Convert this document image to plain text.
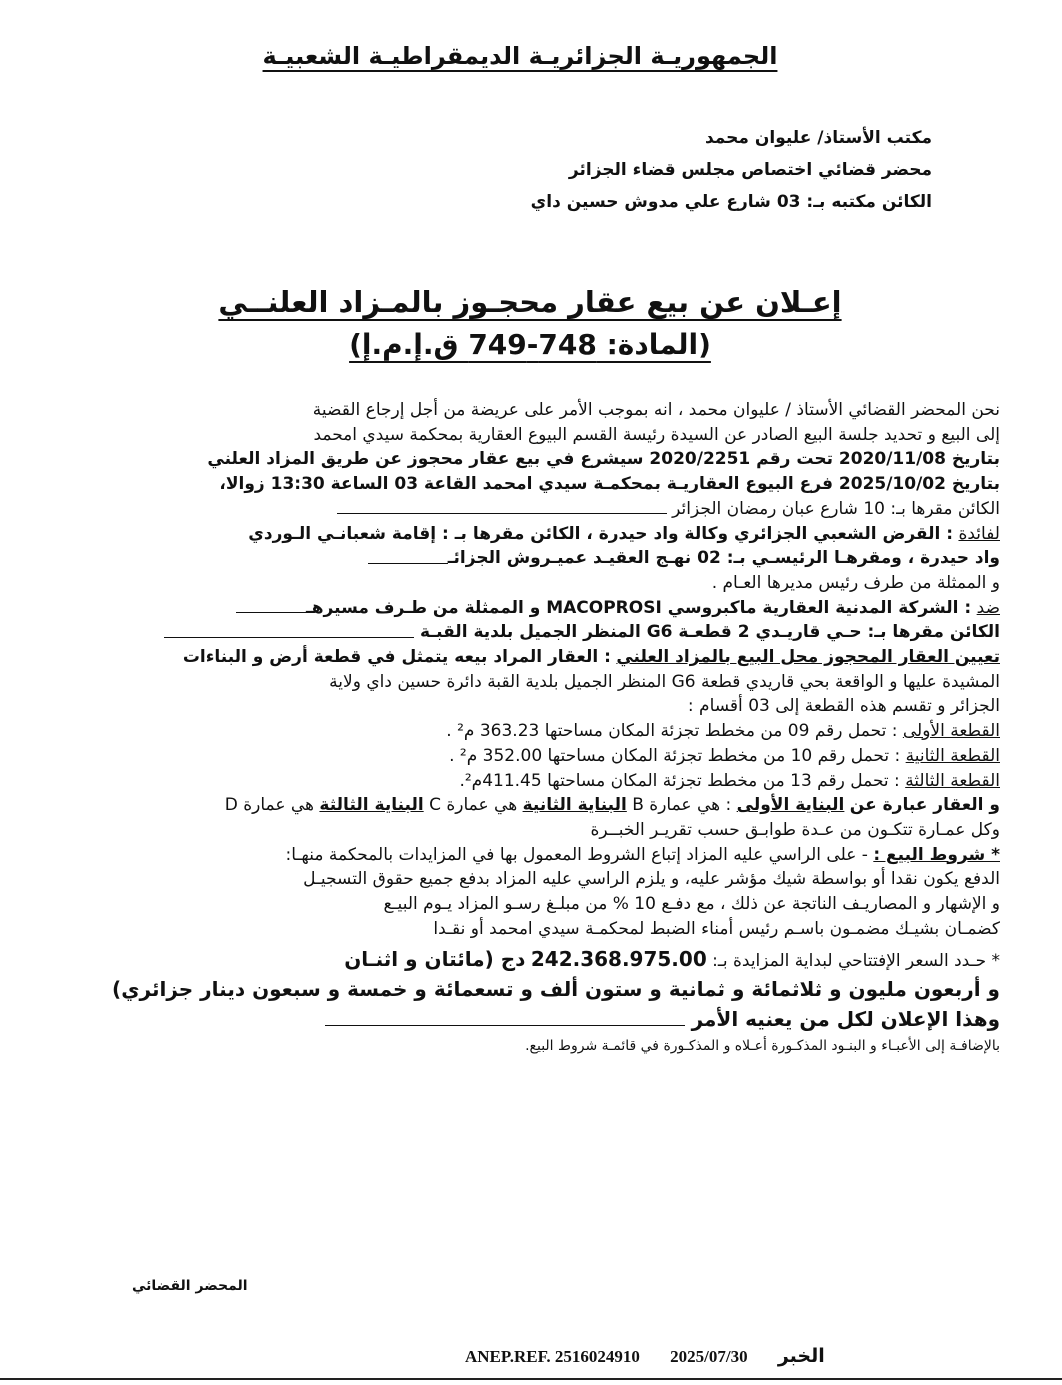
الجمهوريـة الجزائريـة الديمقراطيـة الشعبيـة
مكتب الأستاذ/ عليوان محمد
محضر قضائي اختصاص مجلس قضاء الجزائر
الكائن مكتبه بـ: 03 شارع علي مدوش حسين داي
إعـلان عن بيع عقار محجـوز بالمـزاد العلنــي
(المادة: 748-749 ق.إ.م.إ)

نحن المحضر القضائي الأستاذ / عليوان محمد ، انه بموجب الأمر على عريضة من أجل إرجاع القضية

إلى البيع و تحديد جلسة البيع الصادر عن السيدة رئيسة القسم البيوع العقارية بمحكمة سيدي امحمد

بتاريخ 2020/11/08 تحت رقم 2020/2251 سيشرع في بيع عقار محجوز عن طريق المزاد العلني

بتاريخ 2025/10/02 فرع البيوع العقاريـة بمحكمـة سيدي امحمد القاعة 03 الساعة 13:30 زوالا،

الكائن مقرها بـ: 10 شارع عبان رمضان الجزائر

لفائدة : القرض الشعبي الجزائري وكالة واد حيدرة ، الكائن مقرها بـ : إقامة شعبانـي الـوردي

واد حيدرة ، ومقرهـا الرئيسـي بـ: 02 نهـج العقيـد عميـروش الجزائـ

و الممثلة من طرف رئيس مديرها العـام .

ضد : الشركة المدنية العقارية ماكبروسي MACOPROSI و الممثلة من طـرف مسيرهـ

الكائن مقرها بـ: حـي قاريـدي 2 قطعـة G6 المنظر الجميل بلدية القبـة

تعيين العقار المحجوز محل البيع بالمزاد العلني : العقار المراد بيعه يتمثل في قطعة أرض و البناءات

المشيدة عليها و الواقعة بحي قاريدي قطعة G6 المنظر الجميل بلدية القبة دائرة حسين داي ولاية

الجزائر و تقسم هذه القطعة إلى 03 أقسام :

القطعة الأولى : تحمل رقم 09 من مخطط تجزئة المكان مساحتها 363.23 م² .

القطعة الثانية : تحمل رقم 10 من مخطط تجزئة المكان مساحتها 352.00 م² .

القطعة الثالثة : تحمل رقم 13 من مخطط تجزئة المكان مساحتها 411.45م².

و العقار عبارة عن البناية الأولى : هي عمارة B البناية الثانية هي عمارة C البناية الثالثة هي عمارة D

وكل عمـارة تتكـون من عـدة طوابـق حسب تقريـر الخبــرة

* شروط البيع : - على الراسي عليه المزاد إتباع الشروط المعمول بها في المزايدات بالمحكمة منهـا:

الدفع يكون نقدا أو بواسطة شيك مؤشر عليه، و يلزم الراسي عليه المزاد بدفع جميع حقوق التسجيـل

و الإشهار و المصاريـف الناتجة عن ذلك ، مع دفـع 10 % من مبلـغ رسـو المزاد يـوم البيـع

كضمـان بشيـك مضمـون باسـم رئيس أمناء الضبط لمحكمـة سيدي امحمد أو نقـدا

* حـدد السعر الإفتتاحي لبداية المزايدة بـ: 242.368.975.00 دج (مائتان و اثنـان

و أربعون مليون و ثلاثمائة و ثمانية و ستون ألف و تسعمائة و خمسة و سبعون دينار جزائري)

وهذا الإعلان لكل من يعنيه الأمر

بالإضافـة إلى الأعبـاء و البنـود المذكـورة أعـلاه و المذكـورة في قائمـة شروط البيع.

المحضر القضائي
ANEP.REF. 2516024910 2025/07/30 الخبر
